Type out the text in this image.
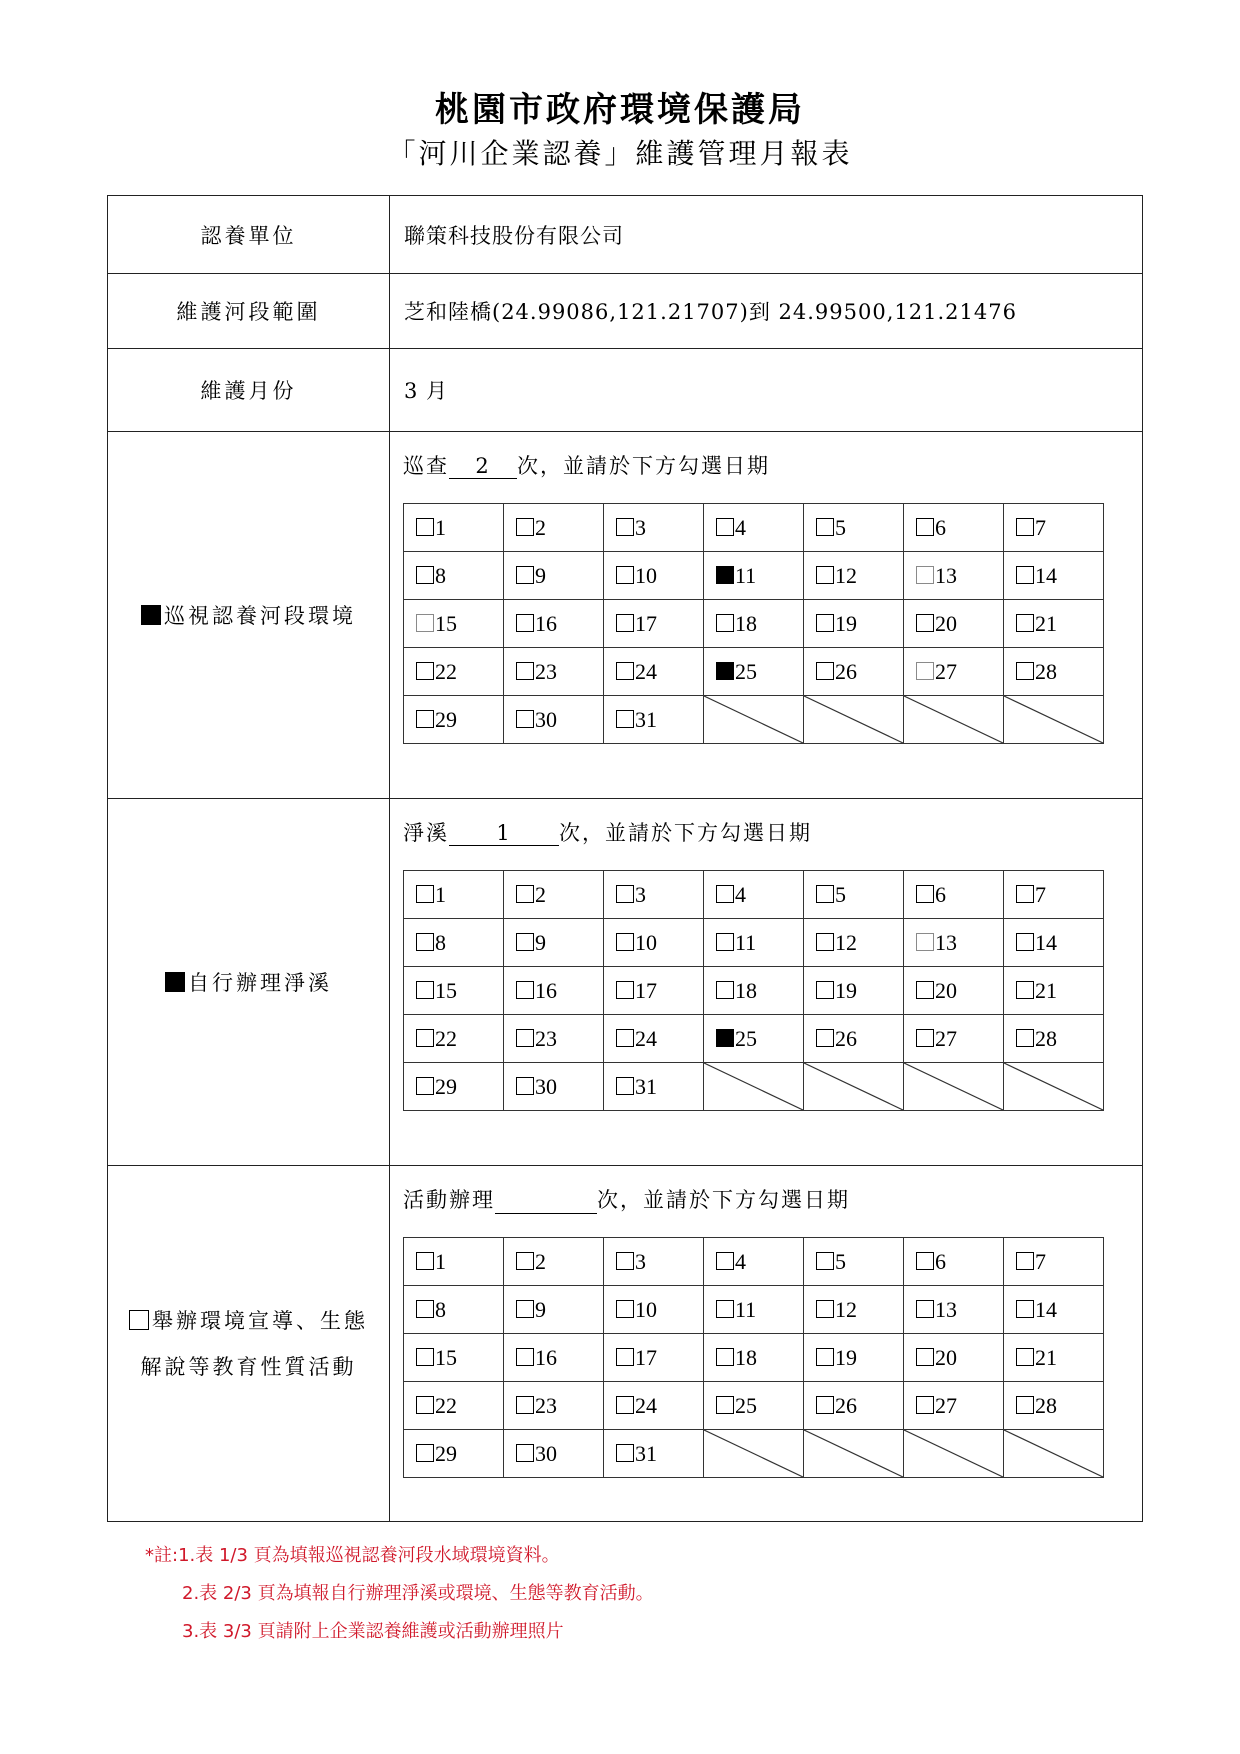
桃園市政府環境保護局
「河川企業認養」維護管理月報表
認養單位	聯策科技股份有限公司
維護河段範圍	芝和陸橋(24.99086,121.21707)到 24.99500,121.21476
維護月份	3 月
巡視認養河段環境	
巡查 2 次，並請於下方勾選日期
1	2	3	4	5	6	7
8	9	10	11	12	13	14
15	16	17	18	19	20	21
22	23	24	25	26	27	28
29	30	31	

自行辦理淨溪	
淨溪 1 次，並請於下方勾選日期
1	2	3	4	5	6	7
8	9	10	11	12	13	14
15	16	17	18	19	20	21
22	23	24	25	26	27	28
29	30	31	

舉辦環境宣導、生態
解說等教育性質活動

活動辦理	次，並請於下方勾選日期
1	2	3	4	5	6	7
8	9	10	11	12	13	14
15	16	17	18	19	20	21
22	23	24	25	26	27	28
29	30	31	

*註:1.表 1/3 頁為填報巡視認養河段水域環境資料。
2.表 2/3 頁為填報自行辦理淨溪或環境、生態等教育活動。
3.表 3/3 頁請附上企業認養維護或活動辦理照片
